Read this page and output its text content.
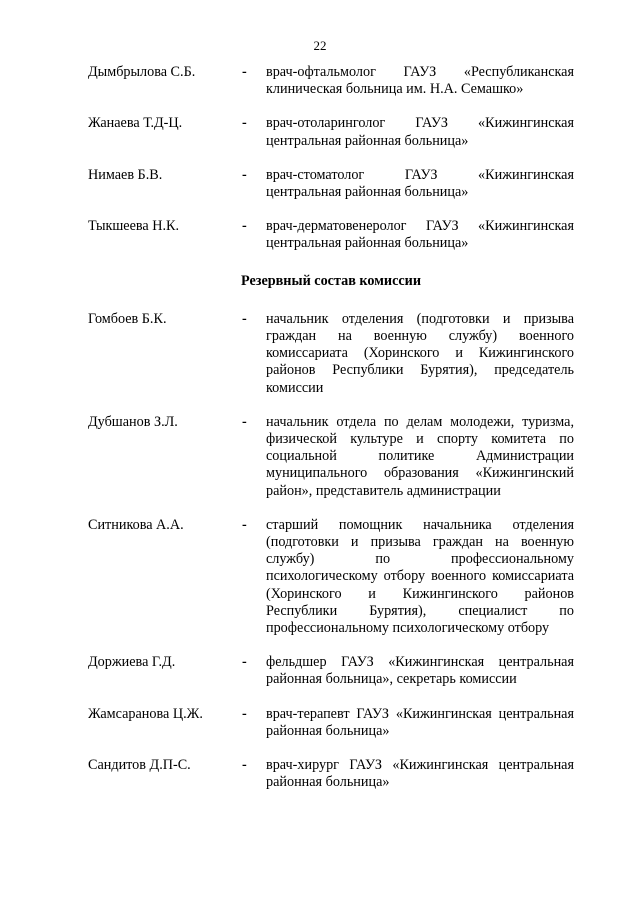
22
Дымбрылова С.Б.	-	врач-офтальмолог ГАУЗ «Республиканская клиническая больница им. Н.А. Семашко»
Жанаева Т.Д-Ц.	-	врач-отоларинголог ГАУЗ «Кижингинская центральная районная больница»
Нимаев Б.В.	-	врач-стоматолог ГАУЗ «Кижингинская центральная районная больница»
Тыкшеева Н.К.	-	врач-дерматовенеролог ГАУЗ «Кижингинская центральная районная больница»
Резервный состав комиссии
Гомбоев Б.К.	-	начальник отделения (подготовки и призыва граждан на военную службу) военного комиссариата (Хоринского и Кижингинского районов Республики Бурятия), председатель комиссии
Дубшанов З.Л.	-	начальник отдела по делам молодежи, туризма, физической культуре и спорту комитета по социальной политике Администрации муниципального образования «Кижингинский район», представитель администрации
Ситникова А.А.	-	старший помощник начальника отделения (подготовки и призыва граждан на военную службу) по профессиональному психологическому отбору военного комиссариата (Хоринского и Кижингинского районов Республики Бурятия), специалист по профессиональному психологическому отбору
Доржиева Г.Д.	-	фельдшер ГАУЗ «Кижингинская центральная районная больница», секретарь комиссии
Жамсаранова Ц.Ж.	-	врач-терапевт ГАУЗ «Кижингинская центральная районная больница»
Сандитов Д.П-С.	-	врач-хирург ГАУЗ «Кижингинская центральная районная больница»
